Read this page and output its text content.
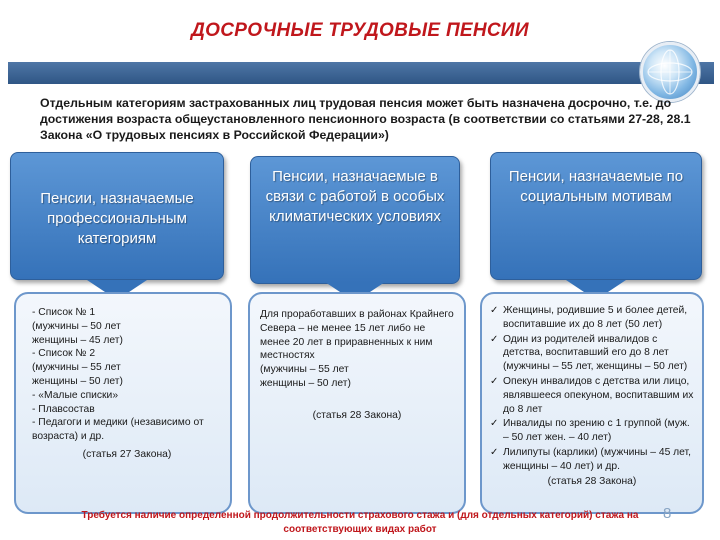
ДОСРОЧНЫЕ ТРУДОВЫЕ ПЕНСИИ
Отдельным категориям застрахованных лиц трудовая пенсия может быть назначена досрочно, т.е. до достижения возраста общеустановленного пенсионного возраста (в соответствии со статьями 27-28, 28.1 Закона «О трудовых пенсиях в Российской Федерации»)
Пенсии, назначаемые профессиональным категориям
Пенсии, назначаемые в связи с работой в особых климатических условиях
Пенсии, назначаемые по социальным мотивам
- Список № 1
(мужчины – 50 лет
женщины – 45 лет)
- Список № 2
(мужчины – 55 лет
женщины – 50 лет)
- «Малые списки»
- Плавсостав
- Педагоги и медики (независимо от возраста) и др.
(статья 27 Закона)
Для проработавших в районах Крайнего Севера – не менее 15 лет либо не менее 20 лет в приравненных к ним местностях
(мужчины – 55 лет
женщины – 50 лет)
(статья 28 Закона)
✓ Женщины, родившие 5 и более детей, воспитавшие их до 8 лет (50 лет)
✓ Один из родителей инвалидов с детства, воспитавший его до 8 лет (мужчины – 55 лет, женщины – 50 лет)
✓ Опекун инвалидов с детства или лицо, являвшееся опекуном, воспитавшим их до 8 лет
✓ Инвалиды по зрению с 1 группой (муж. – 50 лет жен. – 40 лет)
✓ Лилипуты (карлики) (мужчины – 45 лет, женщины – 40 лет) и др.
(статья 28 Закона)
Требуется наличие определенной продолжительности страхового стажа и (для отдельных категорий) стажа на соответствующих видах работ
8
